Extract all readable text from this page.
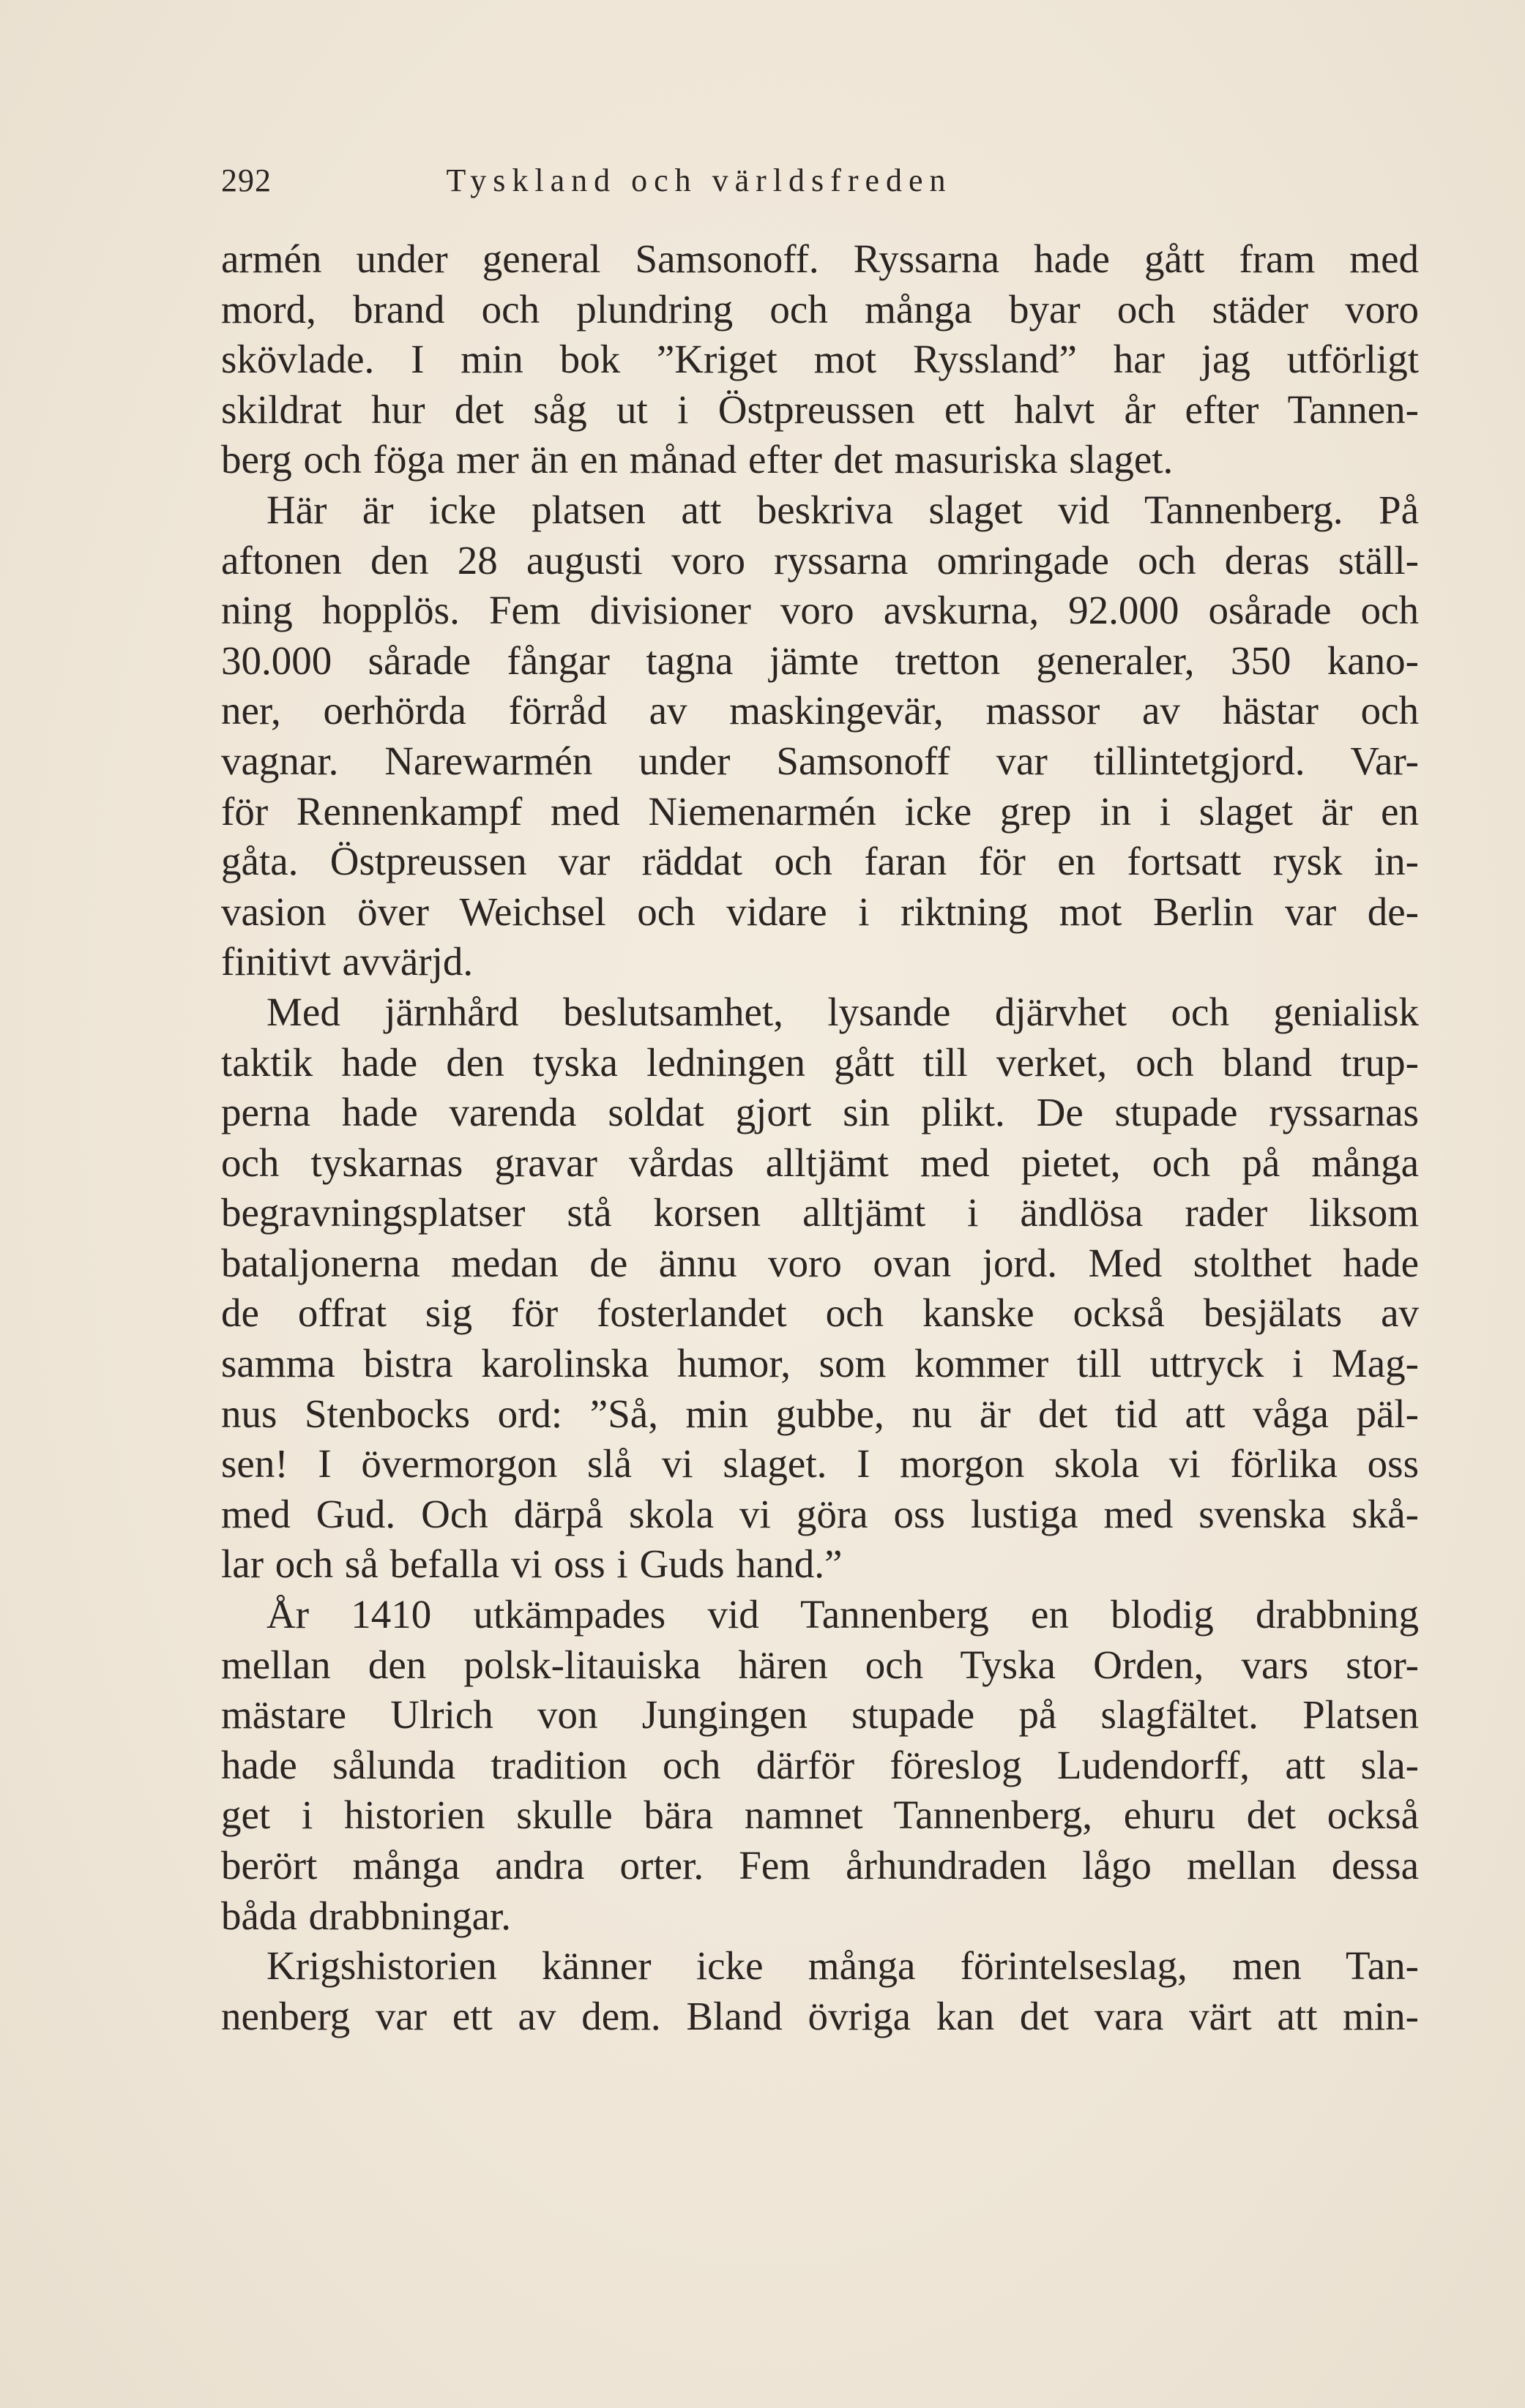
292	Tyskland och världsfreden
armén under general Samsonoff. Ryssarna hade gått fram med
mord, brand och plundring och många byar och städer voro
skövlade. I min bok ”Kriget mot Ryssland” har jag utförligt
skildrat hur det såg ut i Östpreussen ett halvt år efter Tannen-
berg och föga mer än en månad efter det masuriska slaget.
Här är icke platsen att beskriva slaget vid Tannenberg. På
aftonen den 28 augusti voro ryssarna omringade och deras ställ-
ning hopplös. Fem divisioner voro avskurna, 92.000 osårade och
30.000 sårade fångar tagna jämte tretton generaler, 350 kano-
ner, oerhörda förråd av maskingevär, massor av hästar och
vagnar. Narewarmén under Samsonoff var tillintetgjord. Var-
för Rennenkampf med Niemenarmén icke grep in i slaget är en
gåta. Östpreussen var räddat och faran för en fortsatt rysk in-
vasion över Weichsel och vidare i riktning mot Berlin var de-
finitivt avvärjd.
Med järnhård beslutsamhet, lysande djärvhet och genialisk
taktik hade den tyska ledningen gått till verket, och bland trup-
perna hade varenda soldat gjort sin plikt. De stupade ryssarnas
och tyskarnas gravar vårdas alltjämt med pietet, och på många
begravningsplatser stå korsen alltjämt i ändlösa rader liksom
bataljonerna medan de ännu voro ovan jord. Med stolthet hade
de offrat sig för fosterlandet och kanske också besjälats av
samma bistra karolinska humor, som kommer till uttryck i Mag-
nus Stenbocks ord: ”Så, min gubbe, nu är det tid att våga päl-
sen! I övermorgon slå vi slaget. I morgon skola vi förlika oss
med Gud. Och därpå skola vi göra oss lustiga med svenska skå-
lar och så befalla vi oss i Guds hand.”
År 1410 utkämpades vid Tannenberg en blodig drabbning
mellan den polsk-litauiska hären och Tyska Orden, vars stor-
mästare Ulrich von Jungingen stupade på slagfältet. Platsen
hade sålunda tradition och därför föreslog Ludendorff, att sla-
get i historien skulle bära namnet Tannenberg, ehuru det också
berört många andra orter. Fem århundraden lågo mellan dessa
båda drabbningar.
Krigshistorien känner icke många förintelseslag, men Tan-
nenberg var ett av dem. Bland övriga kan det vara värt att min-
